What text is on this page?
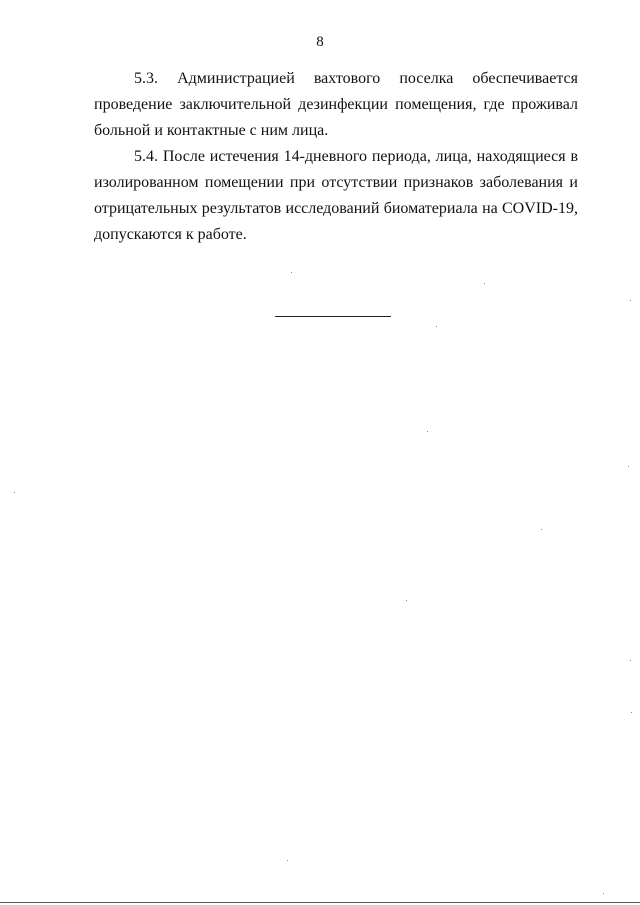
8

5.3. Администрацией вахтового поселка обеспечивается проведение заключительной дезинфекции помещения, где проживал больной и контактные с ним лица.

5.4. После истечения 14-дневного периода, лица, находящиеся в изолированном помещении при отсутствии признаков заболевания и отрицательных результатов исследований биоматериала на COVID-19, допускаются к работе.
